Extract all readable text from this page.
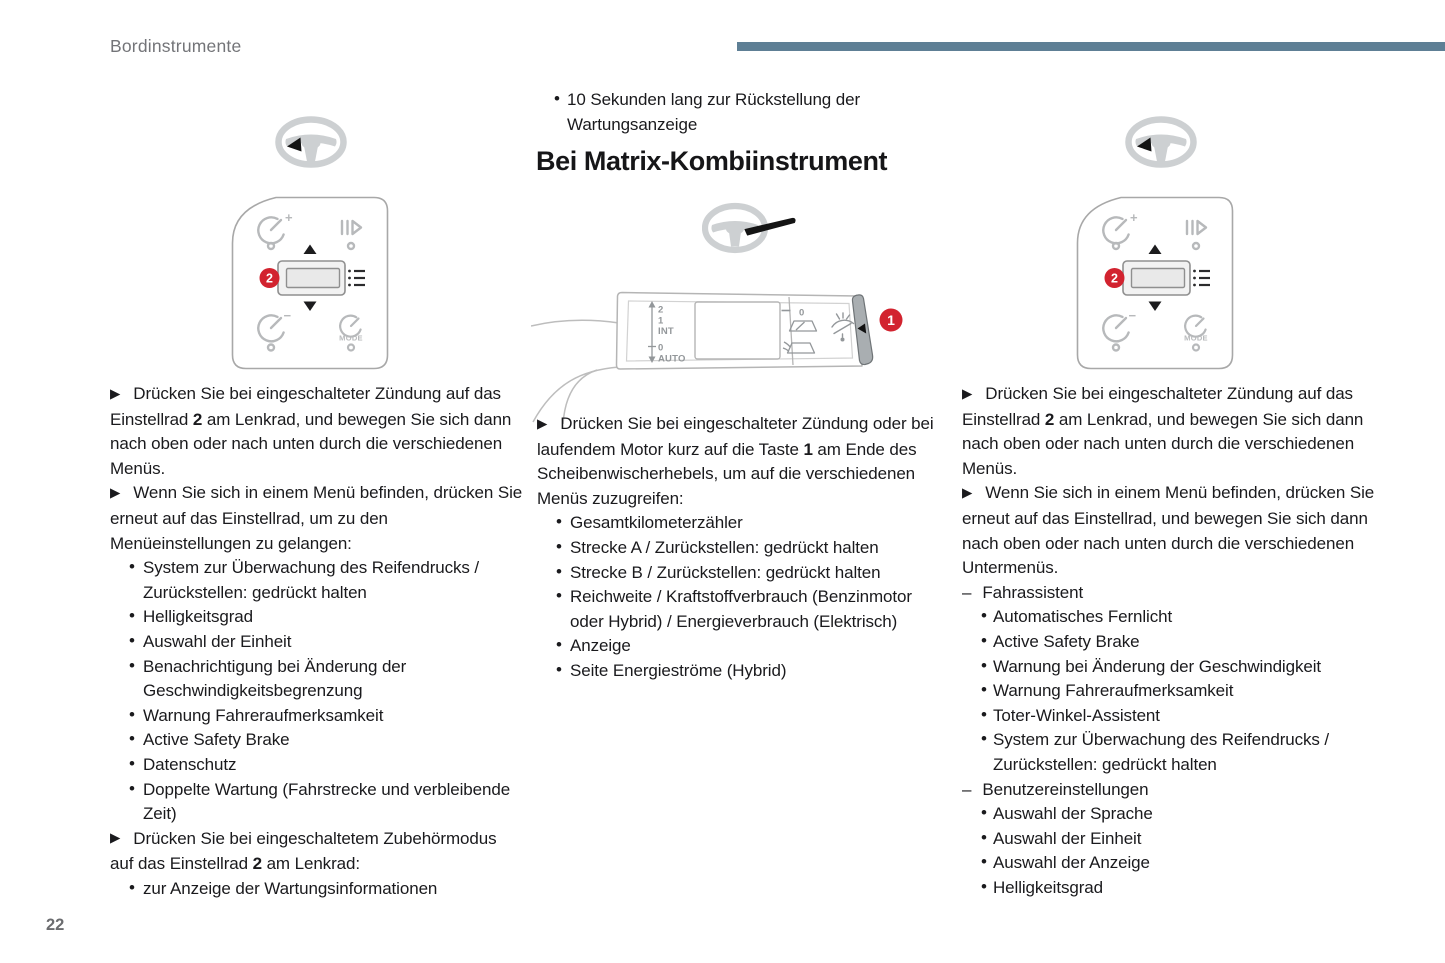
Bordinstrumente
+
−
MODE
2

▶ Drücken Sie bei eingeschalteter Zündung auf das Einstellrad 2 am Lenkrad, und bewegen Sie sich dann nach oben oder nach unten durch die verschiedenen Menüs.

▶ Wenn Sie sich in einem Menü befinden, drücken Sie erneut auf das Einstellrad, um zu den Menüeinstellungen zu gelangen:

• System zur Überwachung des Reifendrucks / Zurückstellen: gedrückt halten
• Helligkeitsgrad
• Auswahl der Einheit
• Benachrichtigung bei Änderung der Geschwindigkeitsbegrenzung
• Warnung Fahreraufmerksamkeit
• Active Safety Brake
• Datenschutz
• Doppelte Wartung (Fahrstrecke und verbleibende Zeit)

▶ Drücken Sie bei eingeschaltetem Zubehörmodus auf das Einstellrad 2 am Lenkrad:

• zur Anzeige der Wartungsinformationen
• 10 Sekunden lang zur Rückstellung der Wartungsanzeige
Bei Matrix-Kombiinstrument
2
1
INT
0
AUTO
0	1

▶ Drücken Sie bei eingeschalteter Zündung oder bei laufendem Motor kurz auf die Taste 1 am Ende des Scheibenwischerhebels, um auf die verschiedenen Menüs zuzugreifen:

• Gesamtkilometerzähler
• Strecke A / Zurückstellen: gedrückt halten
• Strecke B / Zurückstellen: gedrückt halten
• Reichweite / Kraftstoffverbrauch (Benzinmotor oder Hybrid) / Energieverbrauch (Elektrisch)
• Anzeige
• Seite Energieströme (Hybrid)
+
−
MODE
2

▶ Drücken Sie bei eingeschalteter Zündung auf das Einstellrad 2 am Lenkrad, und bewegen Sie sich dann nach oben oder nach unten durch die verschiedenen Menüs.

▶ Wenn Sie sich in einem Menü befinden, drücken Sie erneut auf das Einstellrad, und bewegen Sie sich dann nach oben oder nach unten durch die verschiedenen Untermenüs.

– Fahrassistent

• Automatisches Fernlicht
• Active Safety Brake
• Warnung bei Änderung der Geschwindigkeit
• Warnung Fahreraufmerksamkeit
• Toter-Winkel-Assistent
• System zur Überwachung des Reifendrucks / Zurückstellen: gedrückt halten

– Benutzereinstellungen

• Auswahl der Sprache
• Auswahl der Einheit
• Auswahl der Anzeige
• Helligkeitsgrad
22
